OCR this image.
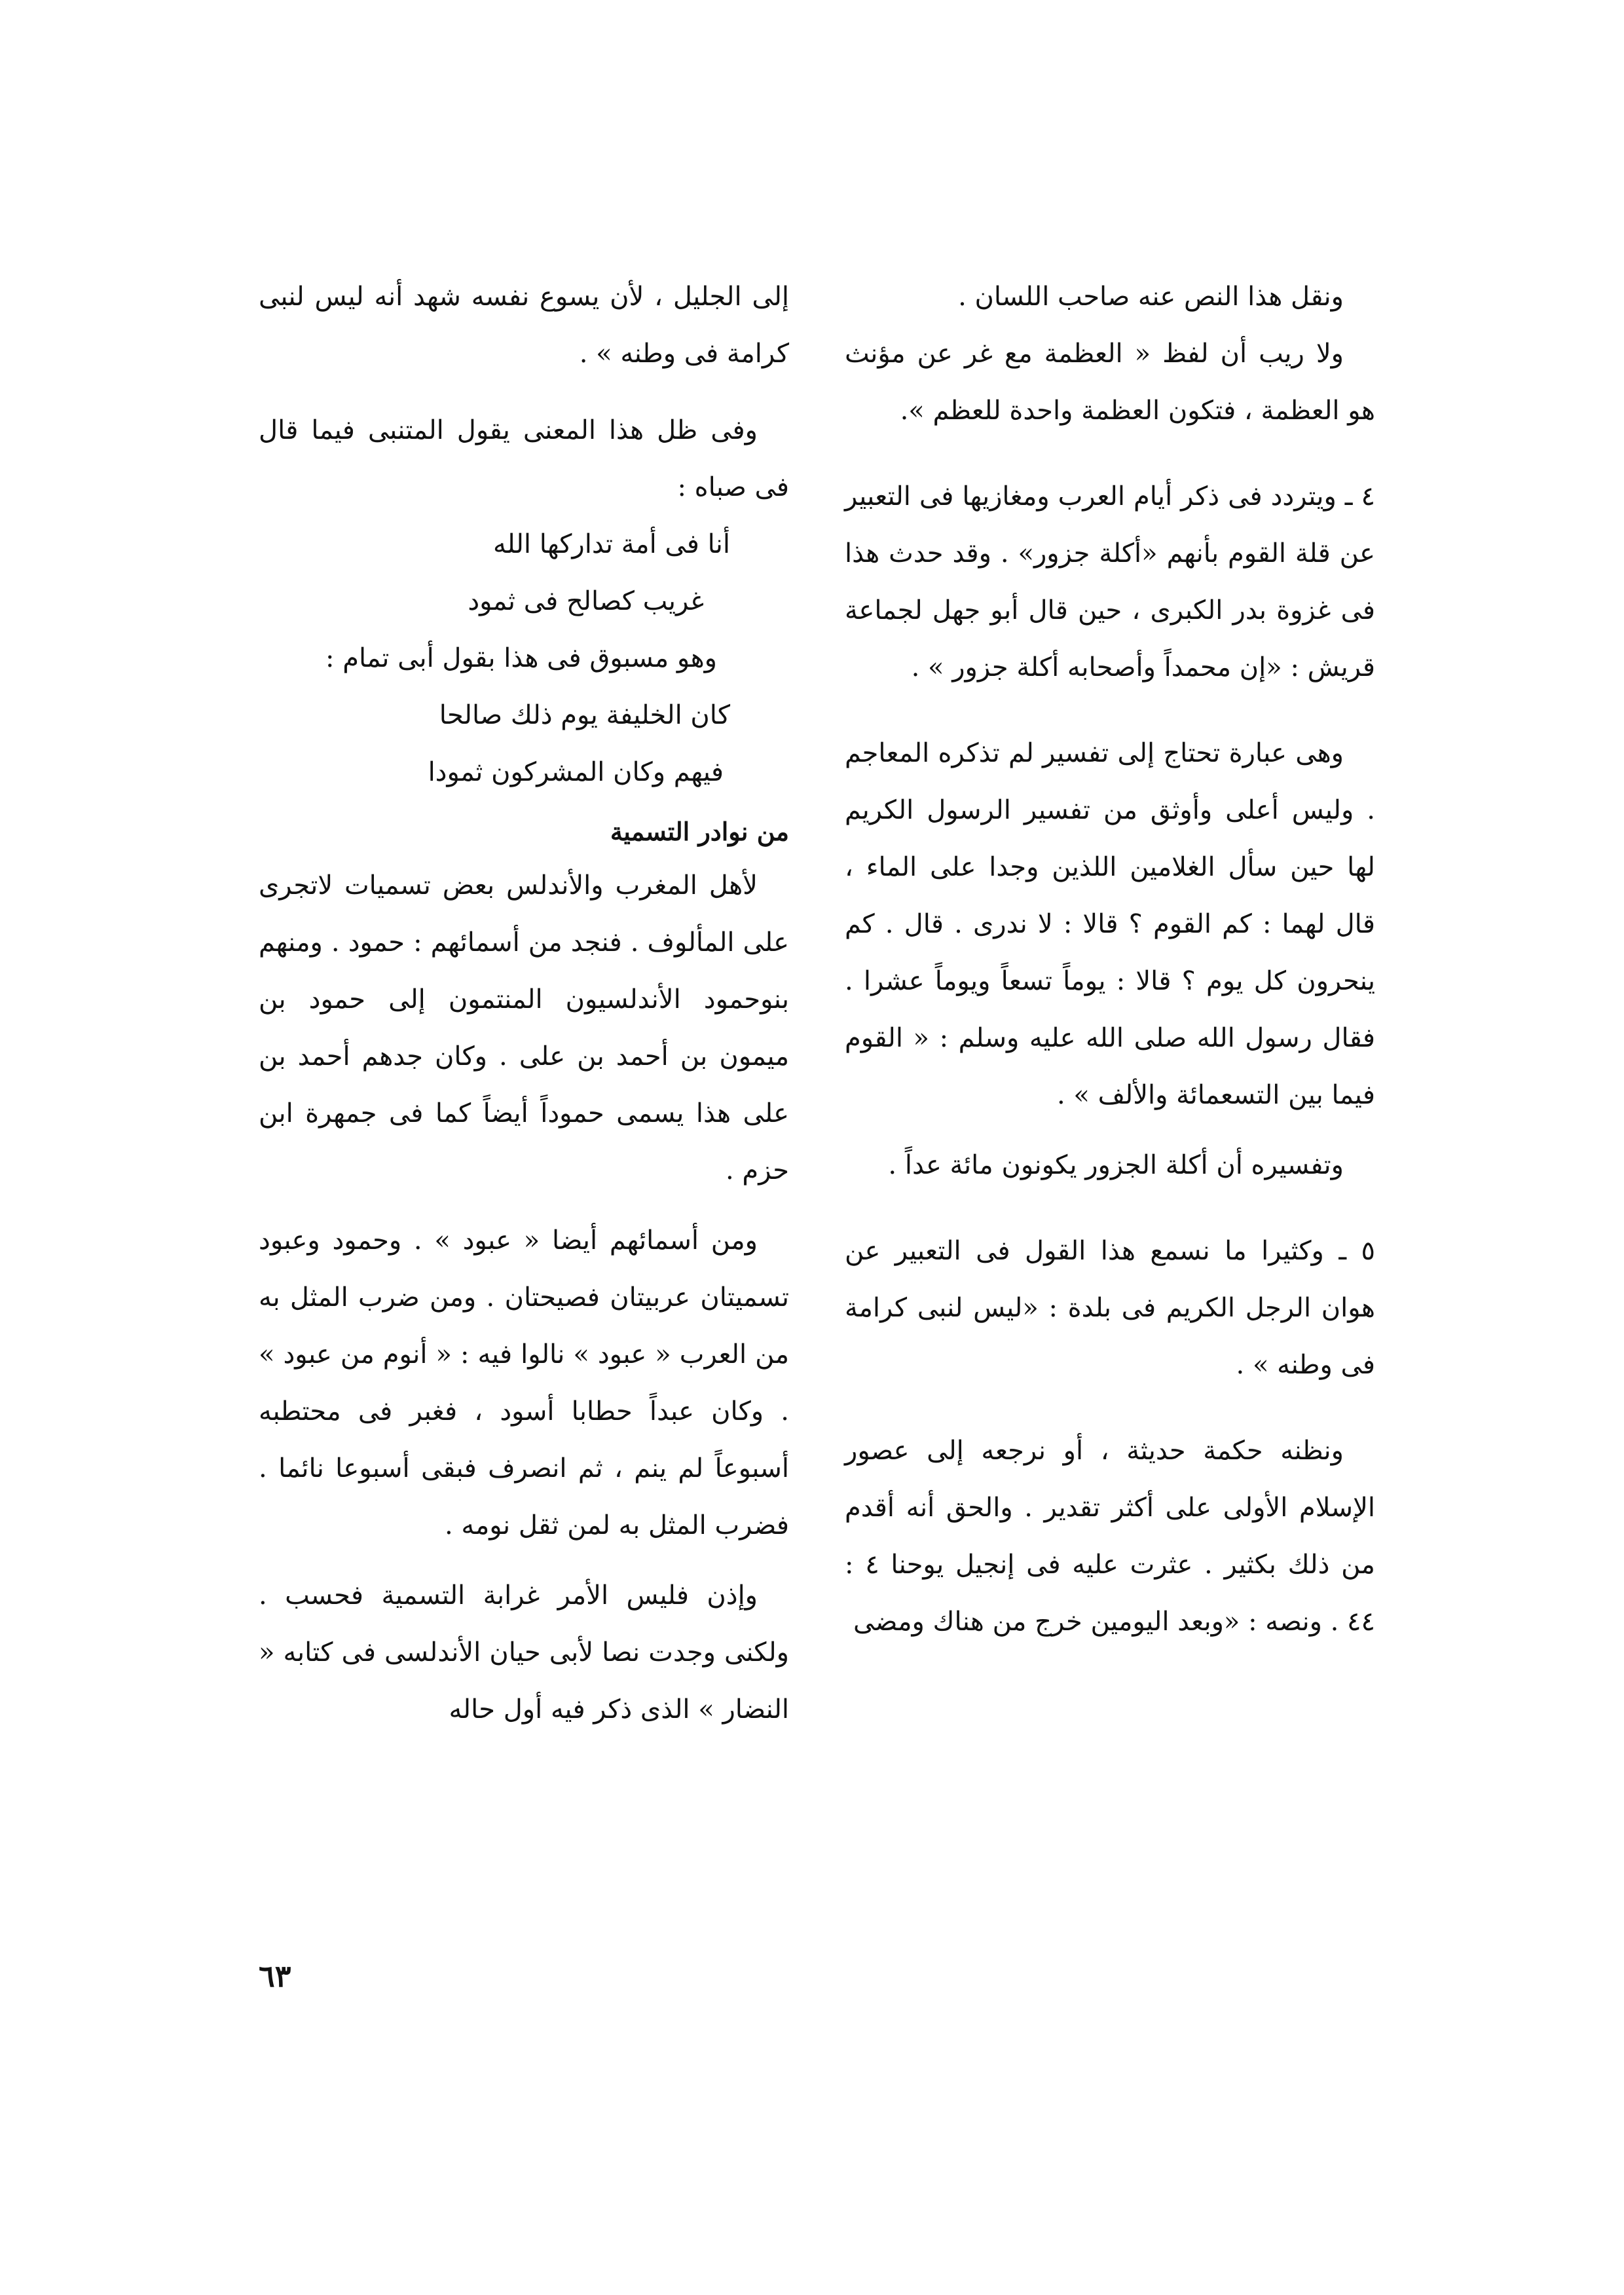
ونقل هذا النص عنه صاحب اللسان .

ولا ريب أن لفظ « العظمة مع غر عن مؤنث هو العظمة ، فتكون العظمة واحدة للعظم ».

٤ ـ ويتردد فى ذكر أيام العرب ومغازيها فى التعبير عن قلة القوم بأنهم «أكلة جزور» . وقد حدث هذا فى غزوة بدر الكبرى ، حين قال أبو جهل لجماعة قريش : «إن محمداً وأصحابه أكلة جزور » .

وهى عبارة تحتاج إلى تفسير لم تذكره المعاجم . وليس أعلى وأوثق من تفسير الرسول الكريم لها حين سأل الغلامين اللذين وجدا على الماء ، قال لهما : كم القوم ؟ قالا : لا ندرى . قال . كم ينحرون كل يوم ؟ قالا : يوماً تسعاً ويوماً عشرا . فقال رسول الله صلى الله عليه وسلم : « القوم فيما بين التسعمائة والألف » .

وتفسيره أن أكلة الجزور يكونون مائة عداً .

٥ ـ وكثيرا ما نسمع هذا القول فى التعبير عن هوان الرجل الكريم فى بلدة : «ليس لنبى كرامة فى وطنه » .

ونظنه حكمة حديثة ، أو نرجعه إلى عصور الإسلام الأولى على أكثر تقدير . والحق أنه أقدم من ذلك بكثير . عثرت عليه فى إنجيل يوحنا ٤ : ٤٤ . ونصه : «وبعد اليومين خرج من هناك ومضى

إلى الجليل ، لأن يسوع نفسه شهد أنه ليس لنبى كرامة فى وطنه » .

وفى ظل هذا المعنى يقول المتنبى فيما قال فى صباه :

أنا فى أمة تداركها الله

غريب كصالح فى ثمود

وهو مسبوق فى هذا بقول أبى تمام :

كان الخليفة يوم ذلك صالحا

فيهم وكان المشركون ثمودا

من نوادر التسمية

لأهل المغرب والأندلس بعض تسميات لاتجرى على المألوف . فنجد من أسمائهم : حمود . ومنهم بنوحمود الأندلسيون المنتمون إلى حمود بن ميمون بن أحمد بن على . وكان جدهم أحمد بن على هذا يسمى حموداً أيضاً كما فى جمهرة ابن حزم .

ومن أسمائهم أيضا « عبود » . وحمود وعبود تسميتان عربيتان فصيحتان . ومن ضرب المثل به من العرب « عبود » نالوا فيه : « أنوم من عبود » . وكان عبداً حطابا أسود ، فغبر فى محتطبه أسبوعاً لم ينم ، ثم انصرف فبقى أسبوعا نائما . فضرب المثل به لمن ثقل نومه .

وإذن فليس الأمر غرابة التسمية فحسب . ولكنى وجدت نصا لأبى حيان الأندلسى فى كتابه « النضار » الذى ذكر فيه أول حاله

٦٣
